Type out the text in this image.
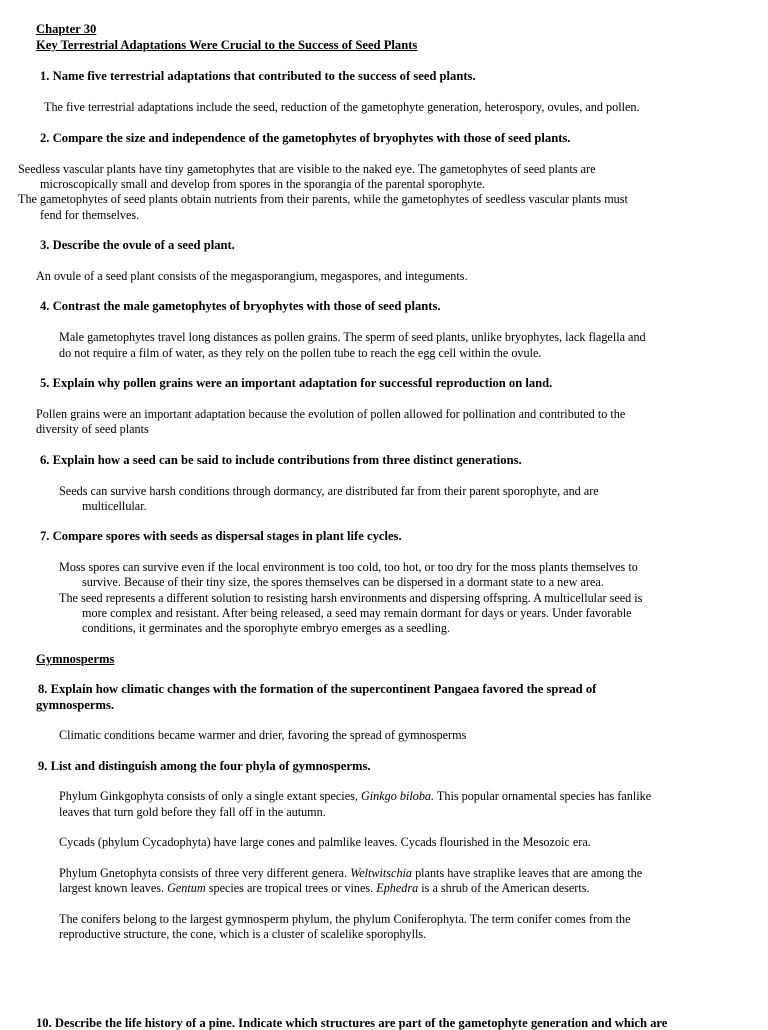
Chapter 30
Key Terrestrial Adaptations Were Crucial to the Success of Seed Plants
1. Name five terrestrial adaptations that contributed to the success of seed plants.
The five terrestrial adaptations include the seed, reduction of the gametophyte generation, heterospory, ovules, and pollen.
2. Compare the size and independence of the gametophytes of bryophytes with those of seed plants.
Seedless vascular plants have tiny gametophytes that are visible to the naked eye. The gametophytes of seed plants are
microscopically small and develop from spores in the sporangia of the parental sporophyte.
The gametophytes of seed plants obtain nutrients from their parents, while the gametophytes of seedless vascular plants must
fend for themselves.
3. Describe the ovule of a seed plant.
An ovule of a seed plant consists of the megasporangium, megaspores, and integuments.
4. Contrast the male gametophytes of bryophytes with those of seed plants.
Male gametophytes travel long distances as pollen grains. The sperm of seed plants, unlike bryophytes, lack flagella and
do not require a film of water, as they rely on the pollen tube to reach the egg cell within the ovule.
5. Explain why pollen grains were an important adaptation for successful reproduction on land.
Pollen grains were an important adaptation because the evolution of pollen allowed for pollination and contributed to the
diversity of seed plants
6. Explain how a seed can be said to include contributions from three distinct generations.
Seeds can survive harsh conditions through dormancy, are distributed far from their parent sporophyte, and are
multicellular.
7. Compare spores with seeds as dispersal stages in plant life cycles.
Moss spores can survive even if the local environment is too cold, too hot, or too dry for the moss plants themselves to
survive. Because of their tiny size, the spores themselves can be dispersed in a dormant state to a new area.
The seed represents a different solution to resisting harsh environments and dispersing offspring. A multicellular seed is
more complex and resistant. After being released, a seed may remain dormant for days or years. Under favorable
conditions, it germinates and the sporophyte embryo emerges as a seedling.
Gymnosperms
8. Explain how climatic changes with the formation of the supercontinent Pangaea favored the spread of
gymnosperms.
Climatic conditions became warmer and drier, favoring the spread of gymnosperms
9. List and distinguish among the four phyla of gymnosperms.
Phylum Ginkgophyta consists of only a single extant species, Ginkgo biloba. This popular ornamental species has fanlike
leaves that turn gold before they fall off in the autumn.
Cycads (phylum Cycadophyta) have large cones and palmlike leaves. Cycads flourished in the Mesozoic era.
Phylum Gnetophyta consists of three very different genera. Weltwitschia plants have straplike leaves that are among the
largest known leaves. Gentum species are tropical trees or vines. Ephedra is a shrub of the American deserts.
The conifers belong to the largest gymnosperm phylum, the phylum Coniferophyta. The term conifer comes from the
reproductive structure, the cone, which is a cluster of scalelike sporophylls.
10. Describe the life history of a pine. Indicate which structures are part of the gametophyte generation and which are
